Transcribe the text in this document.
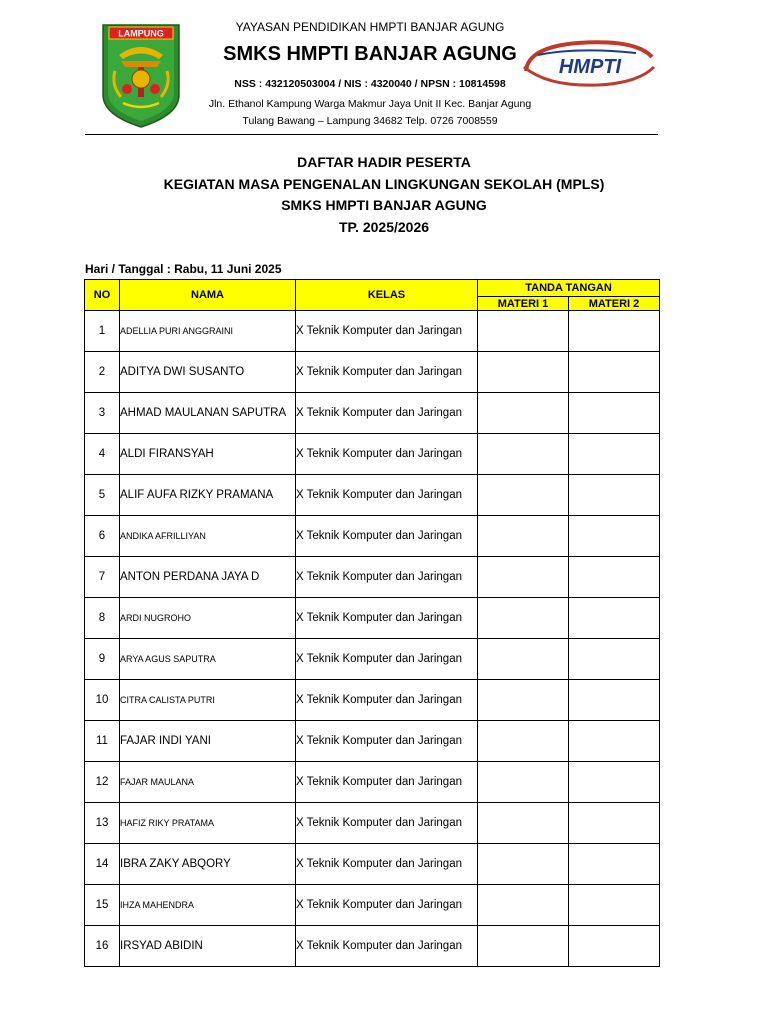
LAMPUNG	YAYASAN PENDIDIKAN HMPTI BANJAR AGUNG
SMKS HMPTI BANJAR AGUNG
NSS : 432120503004 / NIS : 4320040 / NPSN : 10814598
Jln. Ethanol Kampung Warga Makmur Jaya Unit II Kec. Banjar Agung
Tulang Bawang – Lampung 34682 Telp. 0726 7008559
HMPTI
DAFTAR HADIR PESERTA
KEGIATAN MASA PENGENALAN LINGKUNGAN SEKOLAH (MPLS)
SMKS HMPTI BANJAR AGUNG
TP. 2025/2026
Hari / Tanggal : Rabu, 11 Juni 2025
NO	NAMA	KELAS	TANDA TANGAN	
			MATERI 1	MATERI 2
1	ADELLIA PURI ANGGRAINI	X Teknik Komputer dan Jaringan		
2	ADITYA DWI SUSANTO	X Teknik Komputer dan Jaringan		
3	AHMAD MAULANAN SAPUTRA	X Teknik Komputer dan Jaringan		
4	ALDI FIRANSYAH	X Teknik Komputer dan Jaringan		
5	ALIF AUFA RIZKY PRAMANA	X Teknik Komputer dan Jaringan		
6	ANDIKA AFRILLIYAN	X Teknik Komputer dan Jaringan		
7	ANTON PERDANA JAYA D	X Teknik Komputer dan Jaringan		
8	ARDI NUGROHO	X Teknik Komputer dan Jaringan		
9	ARYA AGUS SAPUTRA	X Teknik Komputer dan Jaringan		
10	CITRA CALISTA PUTRI	X Teknik Komputer dan Jaringan		
11	FAJAR INDI YANI	X Teknik Komputer dan Jaringan		
12	FAJAR MAULANA	X Teknik Komputer dan Jaringan		
13	HAFIZ RIKY PRATAMA	X Teknik Komputer dan Jaringan		
14	IBRA ZAKY ABQORY	X Teknik Komputer dan Jaringan		
15	IHZA MAHENDRA	X Teknik Komputer dan Jaringan		
16	IRSYAD ABIDIN	X Teknik Komputer dan Jaringan		
